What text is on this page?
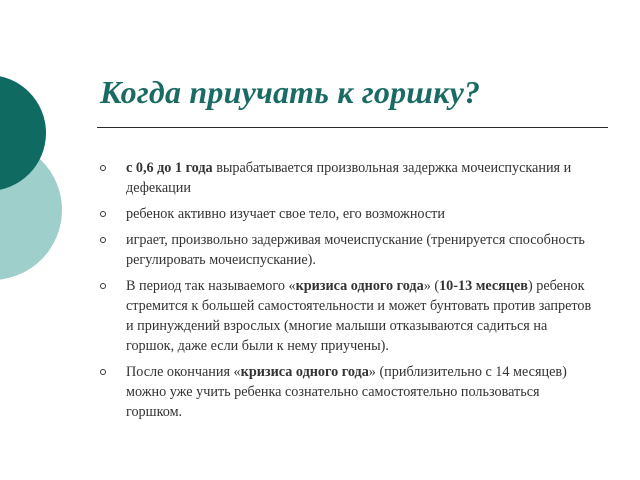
Когда приучать к горшку?
с 0,6 до 1 года вырабатывается произвольная задержка мочеиспускания и дефекации
ребенок активно изучает свое тело, его возможности
играет, произвольно задерживая мочеиспускание (тренируется способность регулировать мочеиспускание).
В период так называемого «кризиса одного года» (10-13 месяцев) ребенок стремится к большей самостоятельности и может бунтовать против запретов и принуждений взрослых (многие малыши отказываются садиться на горшок, даже если были к нему приучены).
После окончания «кризиса одного года» (приблизительно с 14 месяцев) можно уже учить ребенка сознательно самостоятельно пользоваться горшком.
